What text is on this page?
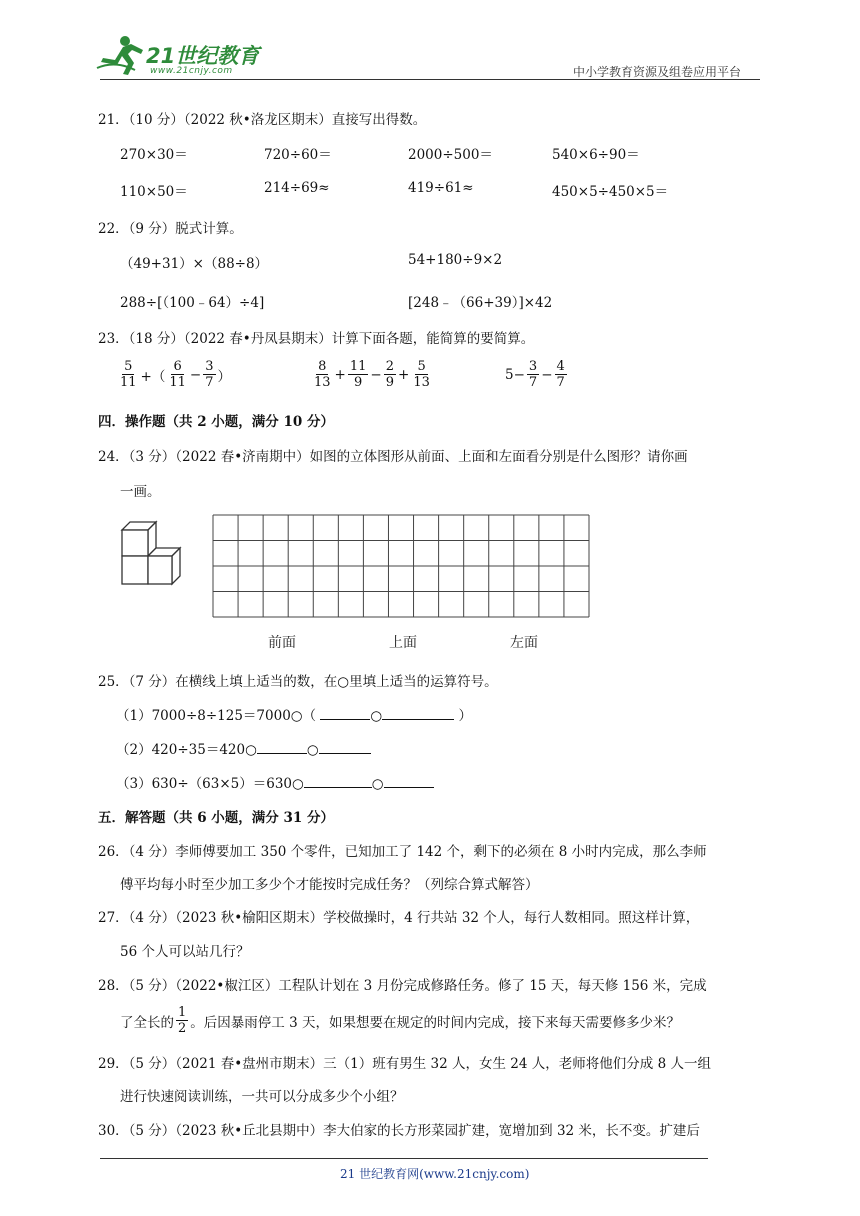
21世纪教育
www.21cnjy.com	中小学教育资源及组卷应用平台
21．（10 分）（2022 秋•洛龙区期末）直接写出得数。
270×30＝	720÷60＝	2000÷500＝	540×6÷90＝
110×50＝	214÷69≈	419÷61≈	450×5÷450×5＝
22．（9 分）脱式计算。
（49+31）×（88÷8）	54+180÷9×2
288÷[（100﹣64）÷4]	[248﹣（66+39）]×42
23．（18 分）（2022 春•丹凤县期末）计算下面各题，能简算的要简算。
$\frac{5}{11}$ +（ $\frac{6}{11} - \frac{3}{7}$ ）	$\frac{8}{13} + \frac{11}{9} - \frac{2}{9} + \frac{5}{13}$	$5- \frac{3}{7} - \frac{4}{7}$
四．操作题（共 2 小题，满分 10 分）
24．（3 分）（2022 春•济南期中）如图的立体图形从前面、上面和左面看分别是什么图形？请你画
一画。
前面	上面	左面
25．（7 分）在横线上填上适当的数，在○里填上适当的运算符号。
（1）7000÷8÷125＝7000○（	○	）
（2）420÷35＝420○	○
（3）630÷（63×5）＝630○	○
五．解答题（共 6 小题，满分 31 分）
26．（4 分）李师傅要加工 350 个零件，已知加工了 142 个，剩下的必须在 8 小时内完成，那么李师
傅平均每小时至少加工多少个才能按时完成任务？（列综合算式解答）
27．（4 分）（2023 秋•榆阳区期末）学校做操时，4 行共站 32 个人，每行人数相同。照这样计算，
56 个人可以站几行？
28．（5 分）（2022•椒江区）工程队计划在 3 月份完成修路任务。修了 15 天，每天修 156 米，完成
了全长的 $\frac{1}{2}$ 。后因暴雨停工 3 天，如果想要在规定的时间内完成，接下来每天需要修多少米？
29．（5 分）（2021 春•盘州市期末）三（1）班有男生 32 人，女生 24 人，老师将他们分成 8 人一组
进行快速阅读训练，一共可以分成多少个小组？
30．（5 分）（2023 秋•丘北县期中）李大伯家的长方形菜园扩建，宽增加到 32 米，长不变。扩建后
21 世纪教育网(www.21cnjy.com)
